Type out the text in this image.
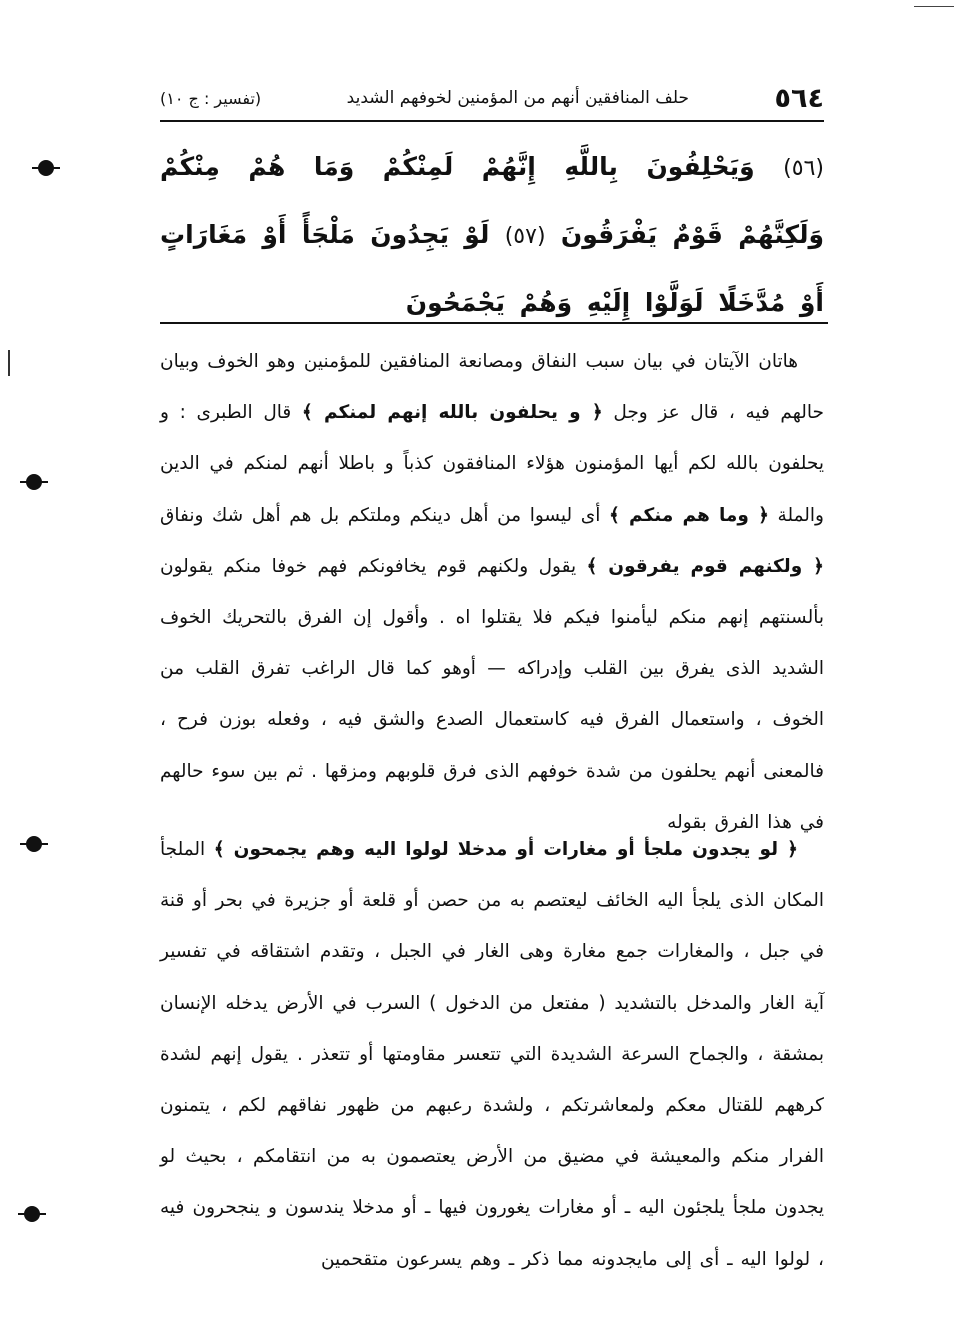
٥٦٤
حلف المنافقين أنهم من المؤمنين لخوفهم الشديد
(تفسير : ج ١٠)
(٥٦) وَيَحْلِفُونَ بِاللَّهِ إِنَّهُمْ لَمِنْكُمْ وَمَا هُمْ مِنْكُمْ وَلَكِنَّهُمْ قَوْمٌ يَفْرَقُونَ (٥٧) لَوْ يَجِدُونَ مَلْجَأً أَوْ مَغَارَاتٍ أَوْ مُدَّخَلًا لَوَلَّوْا إِلَيْهِ وَهُمْ يَجْمَحُونَ

هاتان الآيتان في بيان سبب النفاق ومصانعة المنافقين للمؤمنين وهو الخوف وبيان حالهم فيه ، قال عز وجل ﴿ و يحلفون بالله إنهم لمنكم ﴾ قال الطبرى : و يحلفون بالله لكم أيها المؤمنون هؤلاء المنافقون كذباً و باطلا أنهم لمنكم في الدين والملة ﴿ وما هم منكم ﴾ أى ليسوا من أهل دينكم وملتكم بل هم أهل شك ونفاق ﴿ ولكنهم قوم يفرقون ﴾ يقول ولكنهم قوم يخافونكم فهم خوفا منكم يقولون بألسنتهم إنهم منكم ليأمنوا فيكم فلا يقتلوا اه . وأقول إن الفرق بالتحريك الخوف الشديد الذى يفرق بين القلب وإدراكه — أوهو كما قال الراغب تفرق القلب من الخوف ، واستعمال الفرق فيه كاستعمال الصدع والشق فيه ، وفعله بوزن فرح ، فالمعنى أنهم يحلفون من شدة خوفهم الذى فرق قلوبهم ومزقها . ثم بين سوء حالهم في هذا الفرق بقوله

﴿ لو يجدون ملجأ أو مغارات أو مدخلا لولوا اليه وهم يجمحون ﴾ الملجأ المكان الذى يلجأ اليه الخائف ليعتصم به من حصن أو قلعة أو جزيرة في بحر أو قنة في جبل ، والمغارات جمع مغارة وهى الغار في الجبل ، وتقدم اشتقاقه في تفسير آية الغار والمدخل بالتشديد ( مفتعل من الدخول ) السرب في الأرض يدخله الإنسان بمشقة ، والجماح السرعة الشديدة التي تتعسر مقاومتها أو تتعذر . يقول إنهم لشدة كرههم للقتال معكم ولمعاشرتكم ، ولشدة رعبهم من ظهور نفاقهم لكم ، يتمنون الفرار منكم والمعيشة في مضيق من الأرض يعتصمون به من انتقامكم ، بحيث لو يجدون ملجأ يلجئون اليه ـ أو مغارات يغورون فيها ـ أو مدخلا يندسون و ينجحرون فيه ، لولوا اليه ـ أى إلى مايجدونه مما ذكر ـ وهم يسرعون متقحمين
